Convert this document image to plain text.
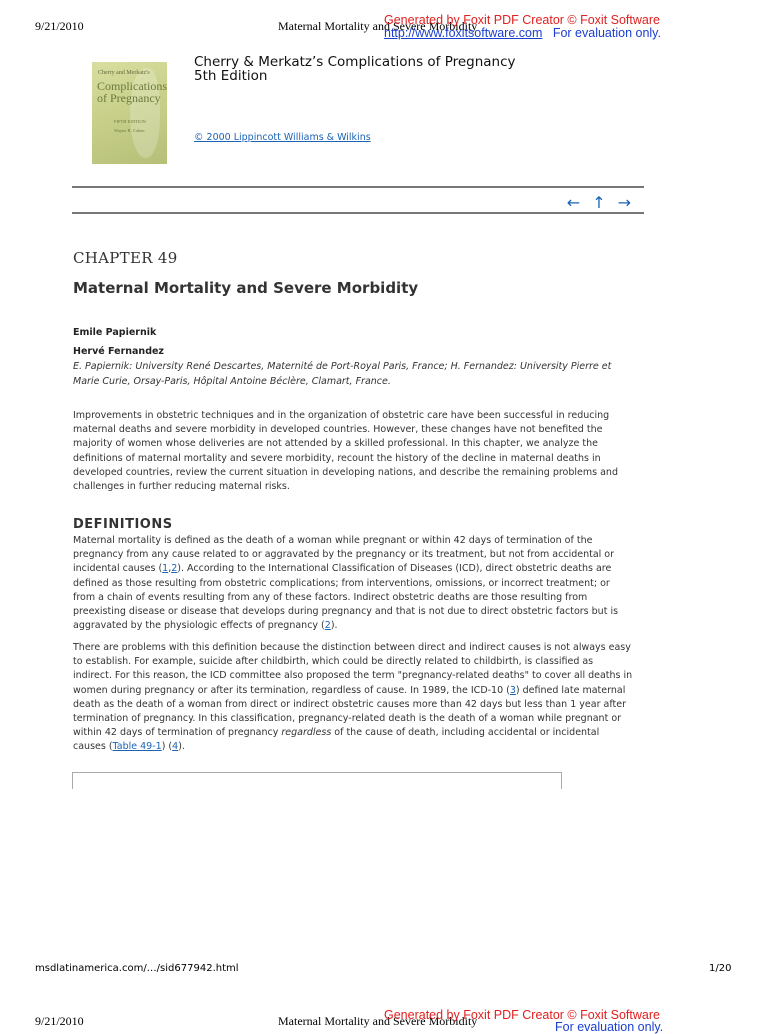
9/21/2010	Maternal Mortality and Severe Morbidity
Generated by Foxit PDF Creator © Foxit Software
http://www.foxitsoftware.com For evaluation only.
Cherry and Merkatz's
Complications
of Pregnancy
FIFTH EDITION
Wayne R. Cohen
Cherry & Merkatz’s Complications of Pregnancy
5th Edition
© 2000 Lippincott Williams & Wilkins
← ↑ →
CHAPTER 49
Maternal Mortality and Severe Morbidity
Emile Papiernik
Hervé Fernandez
E. Papiernik: University René Descartes, Maternité de Port-Royal Paris, France; H. Fernandez: University Pierre et Marie Curie, Orsay-Paris, Hôpital Antoine Béclère, Clamart, France.
Improvements in obstetric techniques and in the organization of obstetric care have been successful in reducing maternal deaths and severe morbidity in developed countries. However, these changes have not benefited the majority of women whose deliveries are not attended by a skilled professional. In this chapter, we analyze the definitions of maternal mortality and severe morbidity, recount the history of the decline in maternal deaths in developed countries, review the current situation in developing nations, and describe the remaining problems and challenges in further reducing maternal risks.
DEFINITIONS
Maternal mortality is defined as the death of a woman while pregnant or within 42 days of termination of the pregnancy from any cause related to or aggravated by the pregnancy or its treatment, but not from accidental or incidental causes (1,2). According to the International Classification of Diseases (ICD), direct obstetric deaths are defined as those resulting from obstetric complications; from interventions, omissions, or incorrect treatment; or from a chain of events resulting from any of these factors. Indirect obstetric deaths are those resulting from preexisting disease or disease that develops during pregnancy and that is not due to direct obstetric factors but is aggravated by the physiologic effects of pregnancy (2).
There are problems with this definition because the distinction between direct and indirect causes is not always easy to establish. For example, suicide after childbirth, which could be directly related to childbirth, is classified as indirect. For this reason, the ICD committee also proposed the term "pregnancy-related deaths" to cover all deaths in women during pregnancy or after its termination, regardless of cause. In 1989, the ICD-10 (3) defined late maternal death as the death of a woman from direct or indirect obstetric causes more than 42 days but less than 1 year after termination of pregnancy. In this classification, pregnancy-related death is the death of a woman while pregnant or within 42 days of termination of pregnancy regardless of the cause of death, including accidental or incidental causes (Table 49-1) (4).
msdlatinamerica.com/…/sid677942.html	1/20
9/21/2010	Maternal Mortality and Severe Morbidity
Generated by Foxit PDF Creator © Foxit Software
For evaluation only.
